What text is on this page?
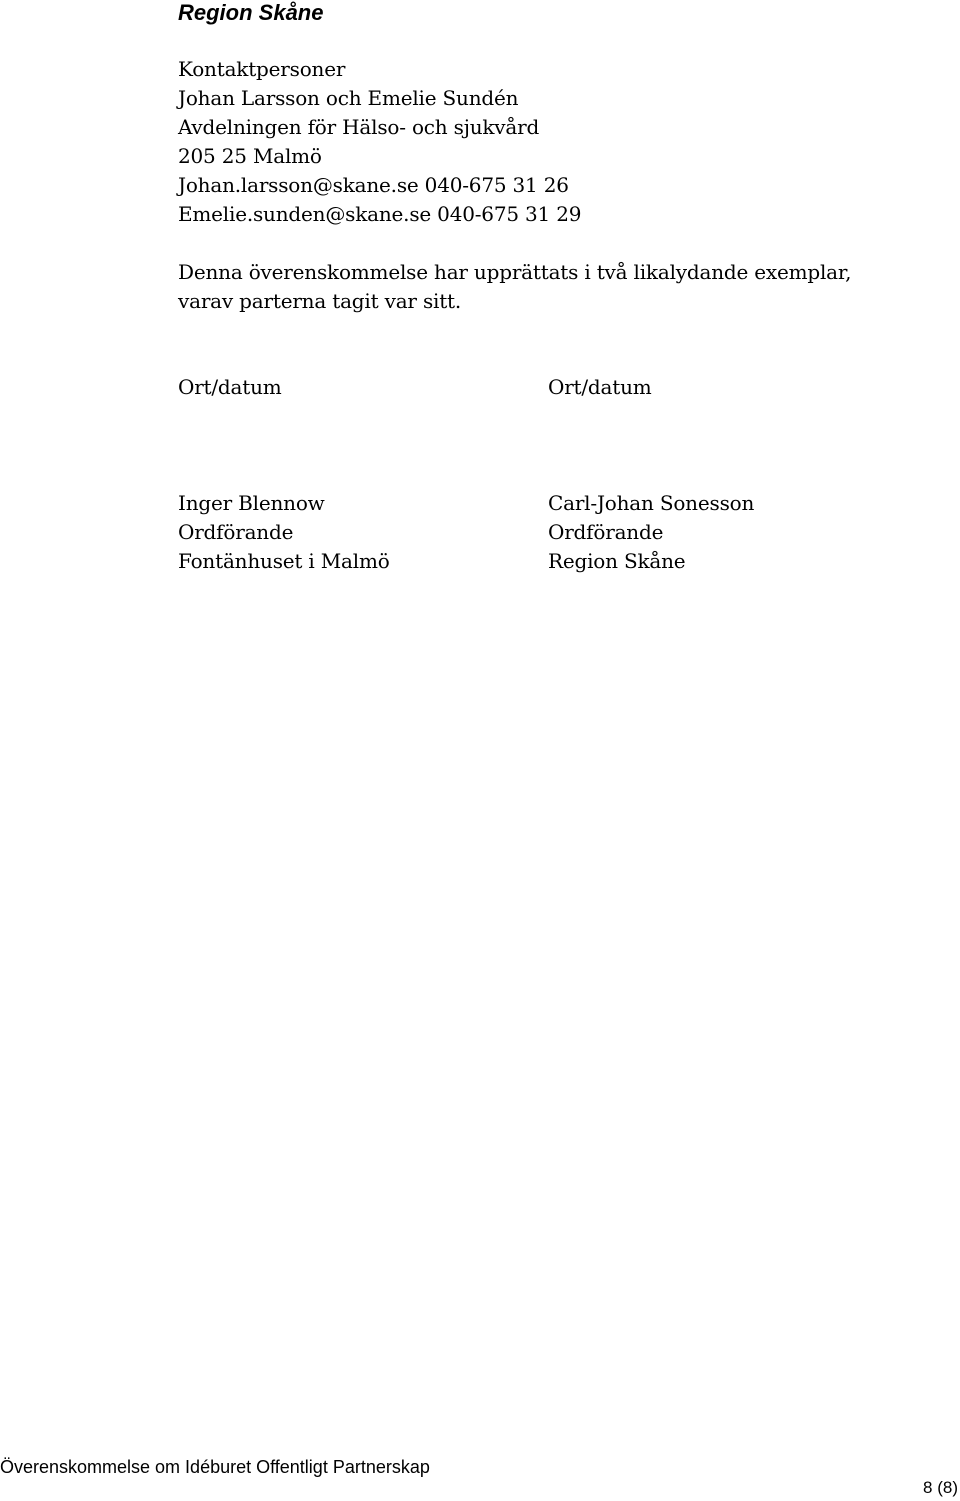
Region Skåne
Kontaktpersoner
Johan Larsson och Emelie Sundén
Avdelningen för Hälso- och sjukvård
205 25 Malmö
Johan.larsson@skane.se 040-675 31 26
Emelie.sunden@skane.se 040-675 31 29
Denna överenskommelse har upprättats i två likalydande exemplar,
varav parterna tagit var sitt.
Ort/datum	Ort/datum
Inger Blennow
Ordförande
Fontänhuset i Malmö
Carl-Johan Sonesson
Ordförande
Region Skåne
Överenskommelse om Idéburet Offentligt Partnerskap
8 (8)
